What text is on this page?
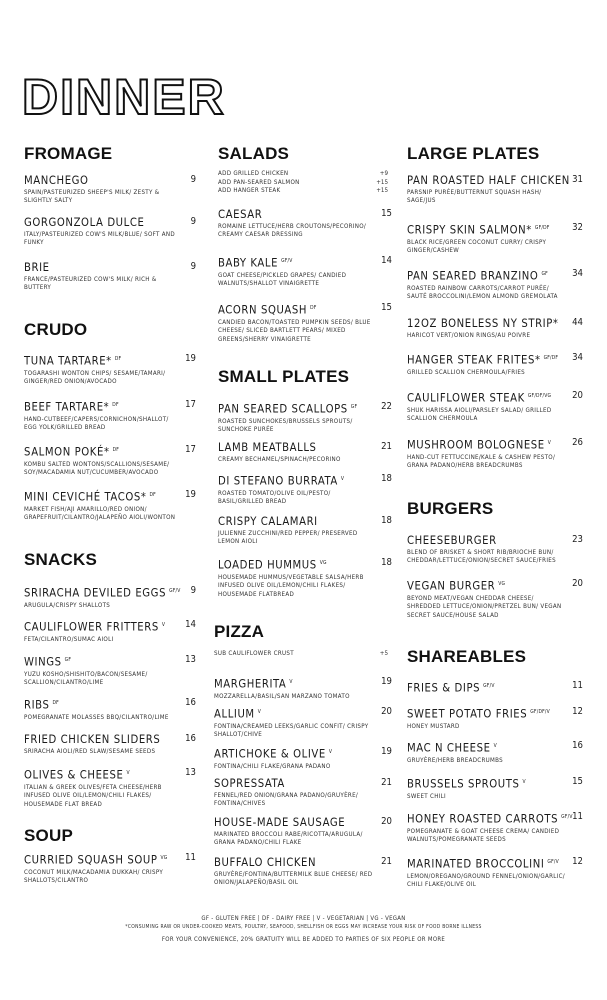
DINNER
FROMAGE
CRUDO
SNACKS
SOUP
SALADS
SMALL PLATES
PIZZA
LARGE PLATES
BURGERS
SHAREABLES
ADD GRILLED CHICKEN	+9
ADD PAN-SEARED SALMON	+15
ADD HANGER STEAK	+15
SUB CAULIFLOWER CRUST	+5
MANCHEGO	9
SPAIN/PASTEURIZED SHEEP'S MILK/ ZESTY & SLIGHTLY SALTY
GORGONZOLA DULCE	9
ITALY/PASTEURIZED COW'S MILK/BLUE/ SOFT AND FUNKY
BRIE	9
FRANCE/PASTEURIZED COW'S MILK/ RICH & BUTTERY
TUNA TARTARE* $^{DF}$	19
TOGARASHI WONTON CHIPS/ SESAME/TAMARI/ GINGER/RED ONION/AVOCADO
BEEF TARTARE* $^{DF}$	17
HAND-CUTBEEF/CAPERS/CORNICHON/SHALLOT/ EGG YOLK/GRILLED BREAD
SALMON POKÉ* $^{DF}$	17
KOMBU SALTED WONTONS/SCALLIONS/SESAME/ SOY/MACADAMIA NUT/CUCUMBER/AVOCADO
MINI CEVICHÉ TACOS* $^{DF}$	19
MARKET FISH/AJI AMARILLO/RED ONION/ GRAPEFRUIT/CILANTRO/JALAPEÑO AIOLI/WONTON
SRIRACHA DEVILED EGGS $^{GF/V}$	9
ARUGULA/CRISPY SHALLOTS
CAULIFLOWER FRITTERS $^V$	14
FETA/CILANTRO/SUMAC AIOLI
WINGS $^{GF}$	13
YUZU KOSHO/SHISHITO/BACON/SESAME/ SCALLION/CILANTRO/LIME
RIBS $^{DF}$	16
POMEGRANATE MOLASSES BBQ/CILANTRO/LIME
FRIED CHICKEN SLIDERS	16
SRIRACHA AIOLI/RED SLAW/SESAME SEEDS
OLIVES & CHEESE $^V$	13
ITALIAN & GREEK OLIVES/FETA CHEESE/HERB INFUSED OLIVE OIL/LEMON/CHILI FLAKES/ HOUSEMADE FLAT BREAD
CURRIED SQUASH SOUP $^{VG}$	11
COCONUT MILK/MACADAMIA DUKKAH/ CRISPY SHALLOTS/CILANTRO
CAESAR	15
ROMAINE LETTUCE/HERB CROUTONS/PECORINO/ CREAMY CAESAR DRESSING
BABY KALE $^{GF/V}$	14
GOAT CHEESE/PICKLED GRAPES/ CANDIED WALNUTS/SHALLOT VINAIGRETTE
ACORN SQUASH $^{DF}$	15
CANDIED BACON/TOASTED PUMPKIN SEEDS/ BLUE CHEESE/ SLICED BARTLETT PEARS/ MIXED GREENS/SHERRY VINAIGRETTE
PAN SEARED SCALLOPS $^{GF}$	22
ROASTED SUNCHOKES/BRUSSELS SPROUTS/ SUNCHOKE PURÉE
LAMB MEATBALLS	21
CREAMY BECHAMEL/SPINACH/PECORINO
DI STEFANO BURRATA $^V$	18
ROASTED TOMATO/OLIVE OIL/PESTO/ BASIL/GRILLED BREAD
CRISPY CALAMARI	18
JULIENNE ZUCCHINI/RED PEPPER/ PRESERVED LEMON AIOLI
LOADED HUMMUS $^{VG}$	18
HOUSEMADE HUMMUS/VEGETABLE SALSA/HERB INFUSED OLIVE OIL/LEMON/CHILI FLAKES/ HOUSEMADE FLATBREAD
MARGHERITA $^V$	19
MOZZARELLA/BASIL/SAN MARZANO TOMATO
ALLIUM $^V$	20
FONTINA/CREAMED LEEKS/GARLIC CONFIT/ CRISPY SHALLOT/CHIVE
ARTICHOKE & OLIVE $^V$	19
FONTINA/CHILI FLAKE/GRANA PADANO
SOPRESSATA	21
FENNEL/RED ONION/GRANA PADANO/GRUYÈRE/ FONTINA/CHIVES
HOUSE-MADE SAUSAGE	20
MARINATED BROCCOLI RABE/RICOTTA/ARUGULA/ GRANA PADANO/CHILI FLAKE
BUFFALO CHICKEN	21
GRUYÈRE/FONTINA/BUTTERMILK BLUE CHEESE/ RED ONION/JALAPEÑO/BASIL OIL
PAN ROASTED HALF CHICKEN 31
PARSNIP PURÉE/BUTTERNUT SQUASH HASH/ SAGE/JUS
CRISPY SKIN SALMON* $^{GF/DF}$	32
BLACK RICE/GREEN COCONUT CURRY/ CRISPY GINGER/CASHEW
PAN SEARED BRANZINO $^{GF}$	34
ROASTED RAINBOW CARROTS/CARROT PURÉE/ SAUTÉ BROCCOLINI/LEMON ALMOND GREMOLATA
12OZ BONELESS NY STRIP*	44
HARICOT VERT/ONION RINGS/AU POIVRE
HANGER STEAK FRITES* $^{GF/DF}$	34
GRILLED SCALLION CHERMOULA/FRIES
CAULIFLOWER STEAK $^{GF/DF/VG}$	20
SHUK HARISSA AIOLI/PARSLEY SALAD/ GRILLED SCALLION CHERMOULA
MUSHROOM BOLOGNESE $^V$	26
HAND-CUT FETTUCCINE/KALE & CASHEW PESTO/ GRANA PADANO/HERB BREADCRUMBS
CHEESEBURGER	23
BLEND OF BRISKET & SHORT RIB/BRIOCHE BUN/ CHEDDAR/LETTUCE/ONION/SECRET SAUCE/FRIES
VEGAN BURGER $^{VG}$	20
BEYOND MEAT/VEGAN CHEDDAR CHEESE/ SHREDDED LETTUCE/ONION/PRETZEL BUN/ VEGAN SECRET SAUCE/HOUSE SALAD
FRIES & DIPS $^{GF/V}$	11
SWEET POTATO FRIES $^{GF/DF/V}$	12
HONEY MUSTARD
MAC N CHEESE $^V$	16
GRUYÈRE/HERB BREADCRUMBS
BRUSSELS SPROUTS $^V$	15
SWEET CHILI
HONEY ROASTED CARROTS $^{GF/V}$ 11
POMEGRANATE & GOAT CHEESE CREMA/ CANDIED WALNUTS/POMEGRANATE SEEDS
MARINATED BROCCOLINI $^{GF/V}$	12
LEMON/OREGANO/GROUND FENNEL/ONION/GARLIC/ CHILI FLAKE/OLIVE OIL
GF - GLUTEN FREE | DF - DAIRY FREE | V - VEGETARIAN | VG - VEGAN
*CONSUMING RAW OR UNDER-COOKED MEATS, POULTRY, SEAFOOD, SHELLFISH OR EGGS MAY INCREASE YOUR RISK OF FOOD BORNE ILLNESS
FOR YOUR CONVENIENCE, 20% GRATUITY WILL BE ADDED TO PARTIES OF SIX PEOPLE OR MORE
